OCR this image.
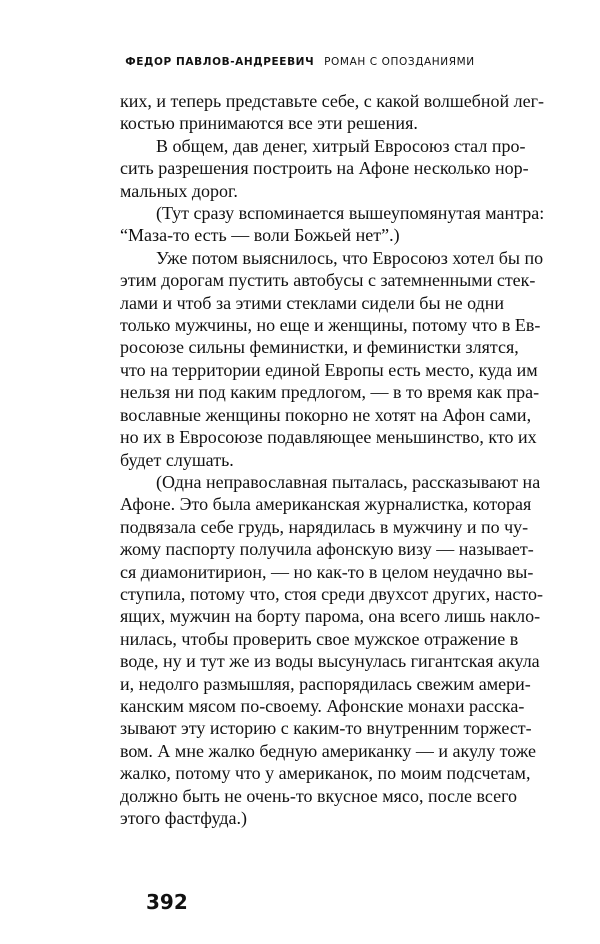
ФЕДОР ПАВЛОВ-АНДРЕЕВИЧ РОМАН С ОПОЗДАНИЯМИ
ких, и теперь представьте себе, с какой волшебной лег-
костью принимаются все эти решения.
В общем, дав денег, хитрый Евросоюз стал про-
сить разрешения построить на Афоне несколько нор-
мальных дорог.
(Тут сразу вспоминается вышеупомянутая мантра:
“Маза-то есть — воли Божьей нет”.)
Уже потом выяснилось, что Евросоюз хотел бы по
этим дорогам пустить автобусы с затемненными стек-
лами и чтоб за этими стеклами сидели бы не одни
только мужчины, но еще и женщины, потому что в Ев-
росоюзе сильны феминистки, и феминистки злятся,
что на территории единой Европы есть место, куда им
нельзя ни под каким предлогом, — в то время как пра-
вославные женщины покорно не хотят на Афон сами,
но их в Евросоюзе подавляющее меньшинство, кто их
будет слушать.
(Одна неправославная пыталась, рассказывают на
Афоне. Это была американская журналистка, которая
подвязала себе грудь, нарядилась в мужчину и по чу-
жому паспорту получила афонскую визу — называет-
ся диамонитирион, — но как-то в целом неудачно вы-
ступила, потому что, стоя среди двухсот других, насто-
ящих, мужчин на борту парома, она всего лишь накло-
нилась, чтобы проверить свое мужское отражение в
воде, ну и тут же из воды высунулась гигантская акула
и, недолго размышляя, распорядилась свежим амери-
канским мясом по-своему. Афонские монахи расска-
зывают эту историю с каким-то внутренним торжест-
вом. А мне жалко бедную американку — и акулу тоже
жалко, потому что у американок, по моим подсчетам,
должно быть не очень-то вкусное мясо, после всего
этого фастфуда.)
392
